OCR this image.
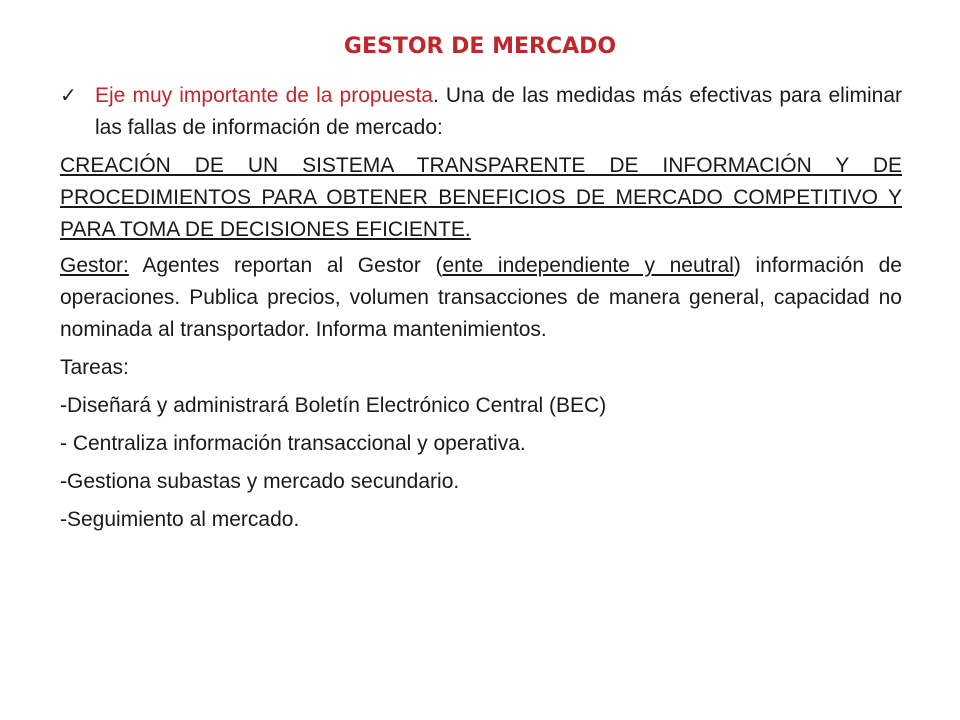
GESTOR DE MERCADO
✓ Eje muy importante de la propuesta. Una de las medidas más efectivas para eliminar las fallas de información de mercado:

CREACIÓN DE UN SISTEMA TRANSPARENTE DE INFORMACIÓN Y DE PROCEDIMIENTOS PARA OBTENER BENEFICIOS DE MERCADO COMPETITIVO Y PARA TOMA DE DECISIONES EFICIENTE.

Gestor: Agentes reportan al Gestor (ente independiente y neutral) información de operaciones. Publica precios, volumen transacciones de manera general, capacidad no nominada al transportador. Informa mantenimientos.

Tareas:

-Diseñará y administrará Boletín Electrónico Central (BEC)

- Centraliza información transaccional y operativa.

-Gestiona subastas y mercado secundario.

-Seguimiento al mercado.
